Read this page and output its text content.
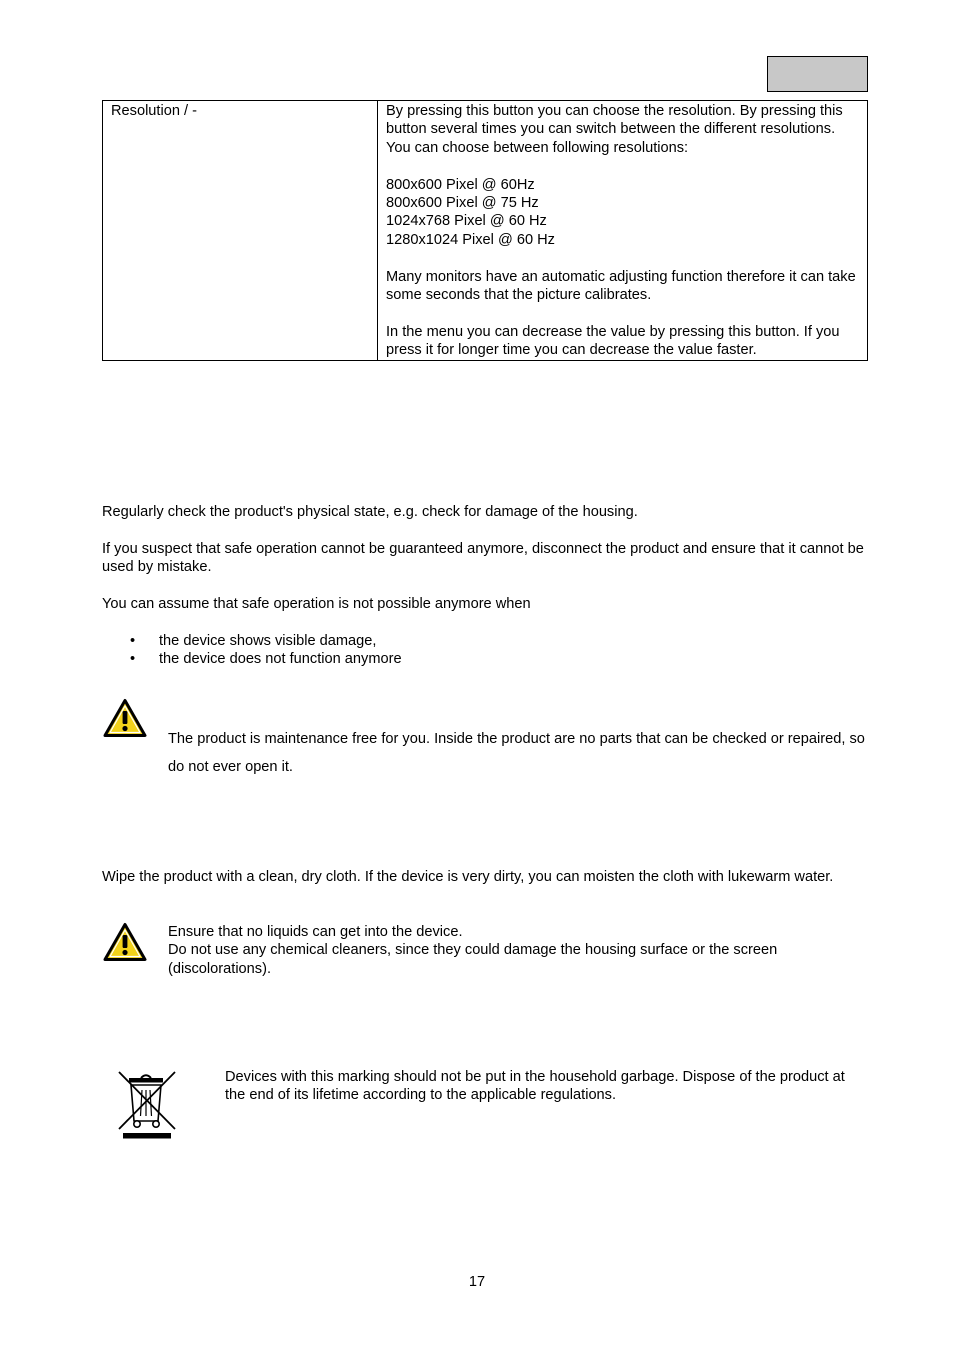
Resolution / -	By pressing this button you can choose the resolution. By pressing this button several times you can switch between the different resolutions.
You can choose between following resolutions:

800x600 Pixel @ 60Hz
800x600 Pixel @ 75 Hz
1024x768 Pixel @ 60 Hz
1280x1024 Pixel @ 60 Hz

Many monitors have an automatic adjusting function therefore it can take some seconds that the picture calibrates.

In the menu you can decrease the value by pressing this button. If you press it for longer time you can decrease the value faster.

Regularly check the product's physical state, e.g. check for damage of the housing.

If you suspect that safe operation cannot be guaranteed anymore, disconnect the product and ensure that it cannot be used by mistake.

You can assume that safe operation is not possible anymore when

• the device shows visible damage,
• the device does not function anymore

The product is maintenance free for you. Inside the product are no parts that can be checked or repaired, so do not ever open it.

Wipe the product with a clean, dry cloth. If the device is very dirty, you can moisten the cloth with lukewarm water.

Ensure that no liquids can get into the device.
Do not use any chemical cleaners, since they could damage the housing surface or the screen (discolorations).

Devices with this marking should not be put in the household garbage. Dispose of the product at the end of its lifetime according to the applicable regulations.

17
